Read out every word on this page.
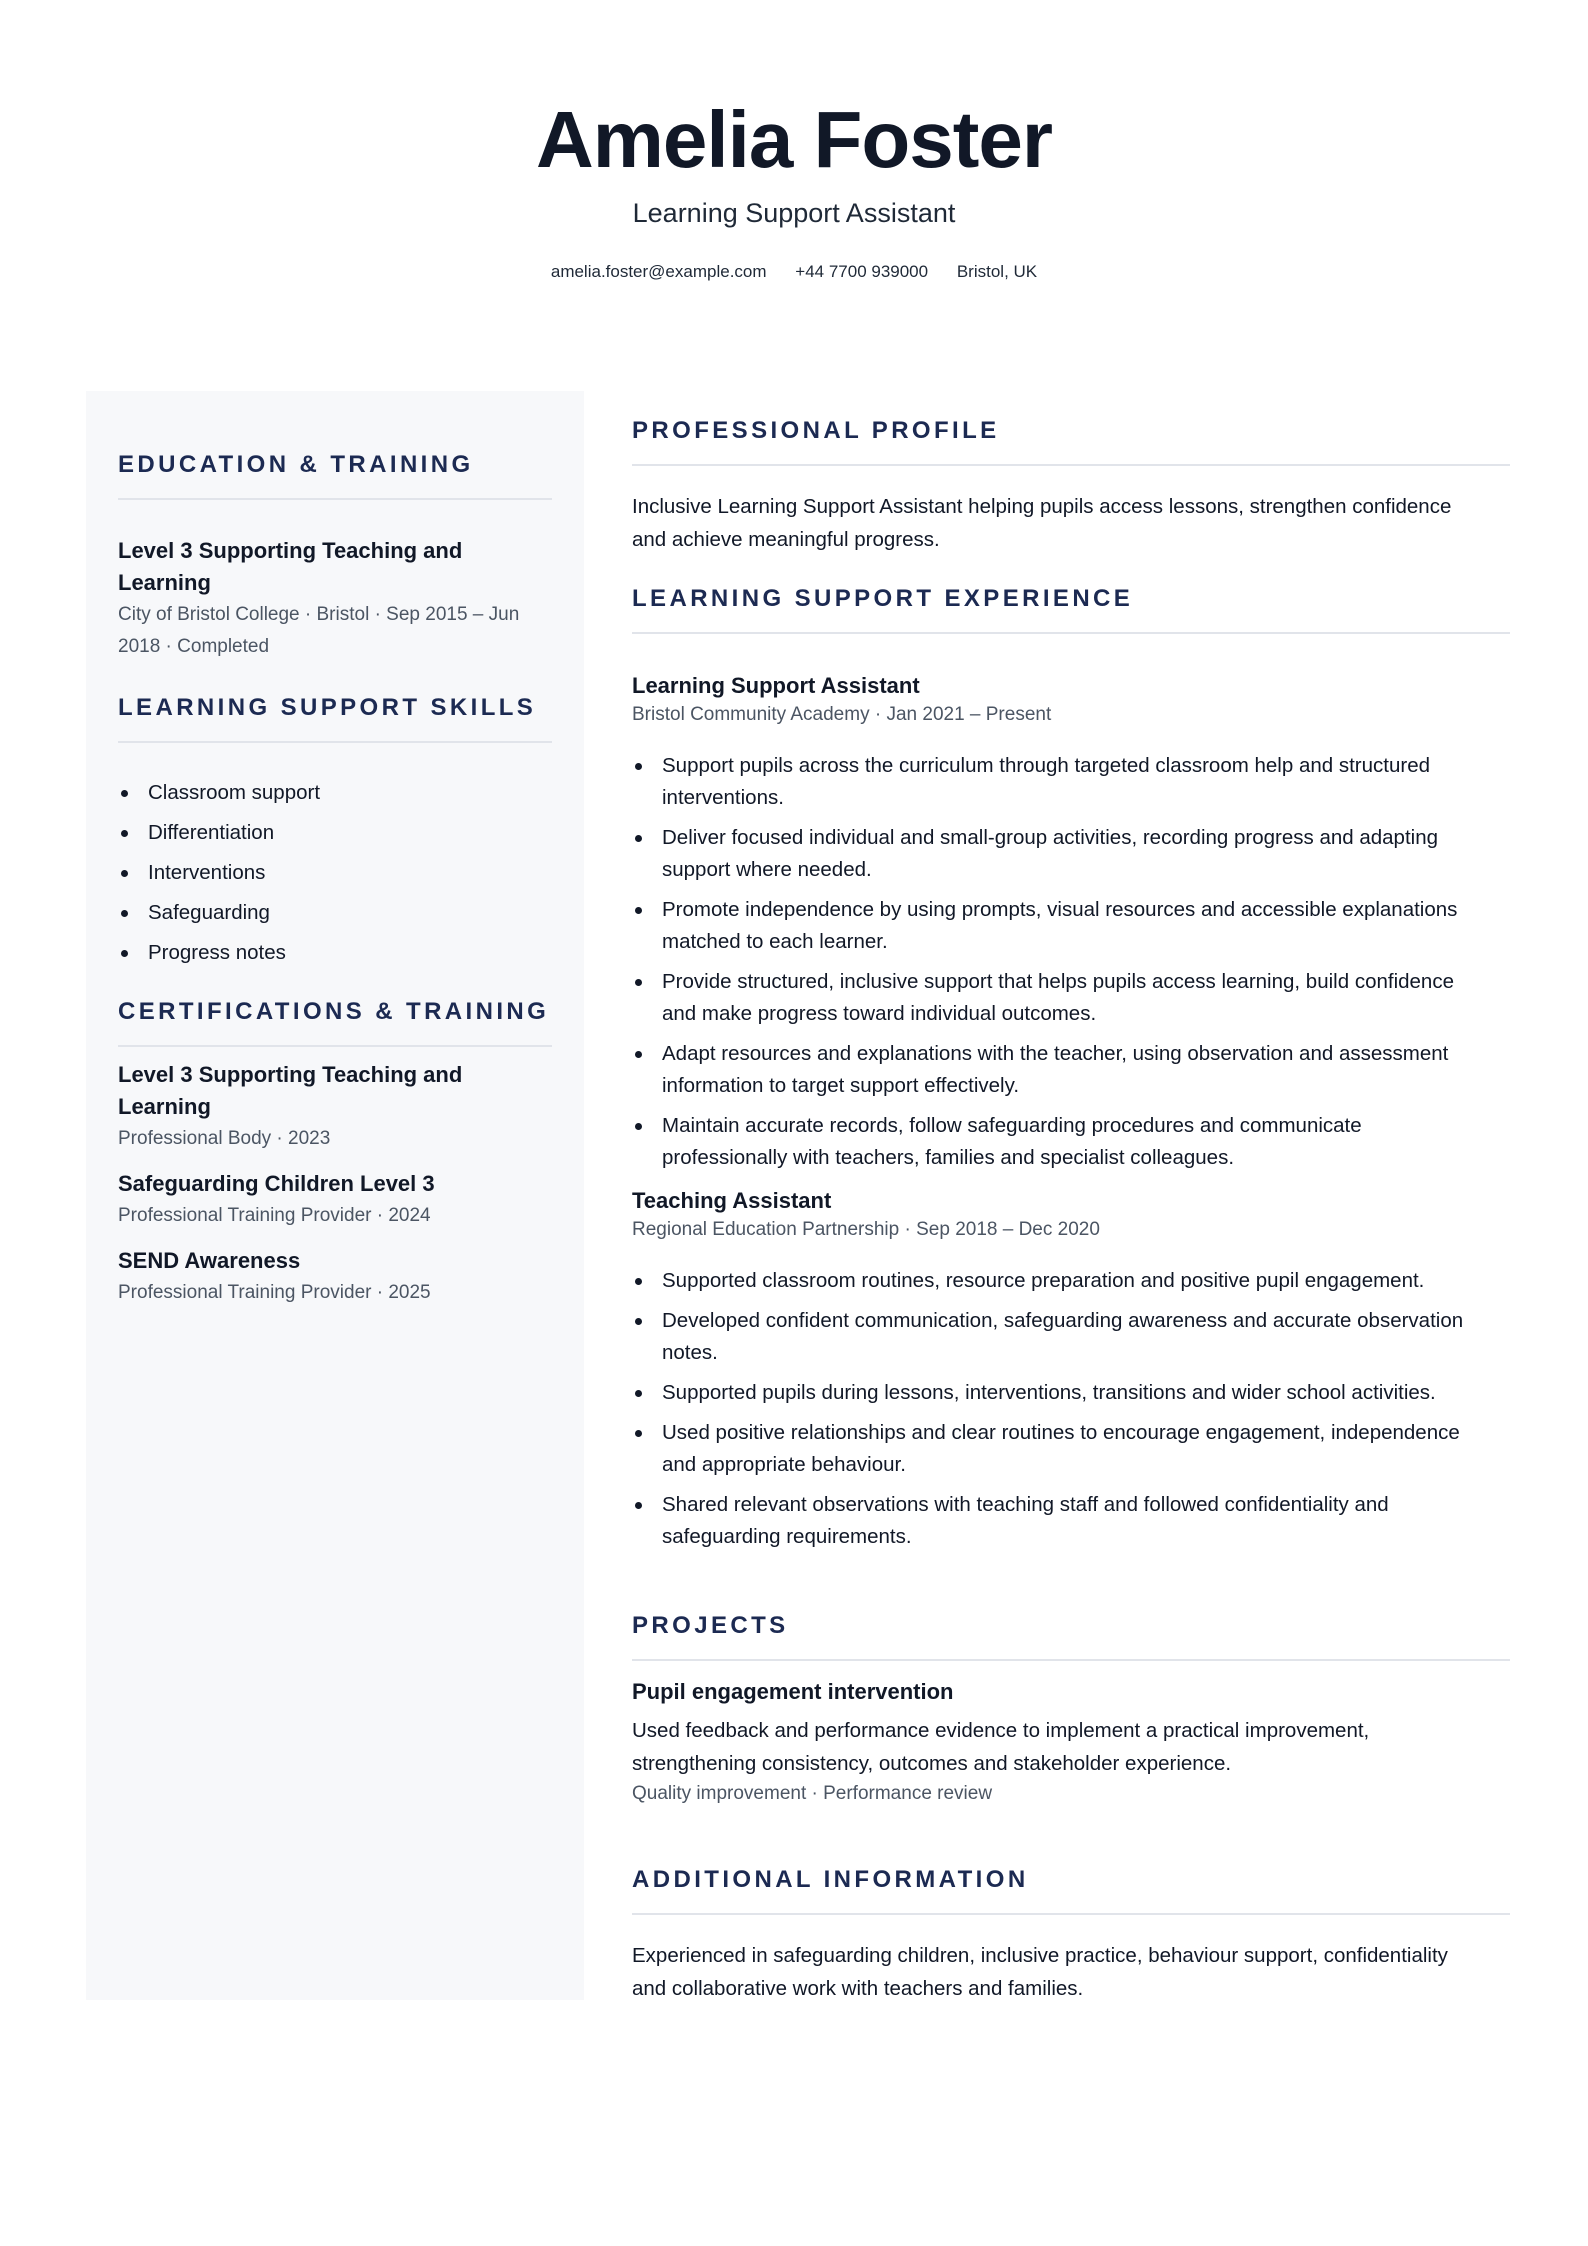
Amelia Foster
Learning Support Assistant
amelia.foster@example.com +44 7700 939000 Bristol, UK
EDUCATION & TRAINING

Level 3 Supporting Teaching and
Learning

City of Bristol College · Bristol · Sep 2015 – Jun
2018 · Completed

LEARNING SUPPORT SKILLS
Classroom support
Differentiation
Interventions
Safeguarding
Progress notes
CERTIFICATIONS & TRAINING

Level 3 Supporting Teaching and
Learning

Professional Body · 2023

Safeguarding Children Level 3

Professional Training Provider · 2024

SEND Awareness

Professional Training Provider · 2025

PROFESSIONAL PROFILE

Inclusive Learning Support Assistant helping pupils access lessons, strengthen confidence
and achieve meaningful progress.

LEARNING SUPPORT EXPERIENCE

Learning Support Assistant

Bristol Community Academy · Jan 2021 – Present

Support pupils across the curriculum through targeted classroom help and structured
interventions.
Deliver focused individual and small-group activities, recording progress and adapting
support where needed.
Promote independence by using prompts, visual resources and accessible explanations
matched to each learner.
Provide structured, inclusive support that helps pupils access learning, build confidence
and make progress toward individual outcomes.
Adapt resources and explanations with the teacher, using observation and assessment
information to target support effectively.
Maintain accurate records, follow safeguarding procedures and communicate
professionally with teachers, families and specialist colleagues.

Teaching Assistant

Regional Education Partnership · Sep 2018 – Dec 2020

Supported classroom routines, resource preparation and positive pupil engagement.
Developed confident communication, safeguarding awareness and accurate observation
notes.
Supported pupils during lessons, interventions, transitions and wider school activities.
Used positive relationships and clear routines to encourage engagement, independence
and appropriate behaviour.
Shared relevant observations with teaching staff and followed confidentiality and
safeguarding requirements.
PROJECTS

Pupil engagement intervention

Used feedback and performance evidence to implement a practical improvement,
strengthening consistency, outcomes and stakeholder experience.

Quality improvement · Performance review

ADDITIONAL INFORMATION

Experienced in safeguarding children, inclusive practice, behaviour support, confidentiality
and collaborative work with teachers and families.
